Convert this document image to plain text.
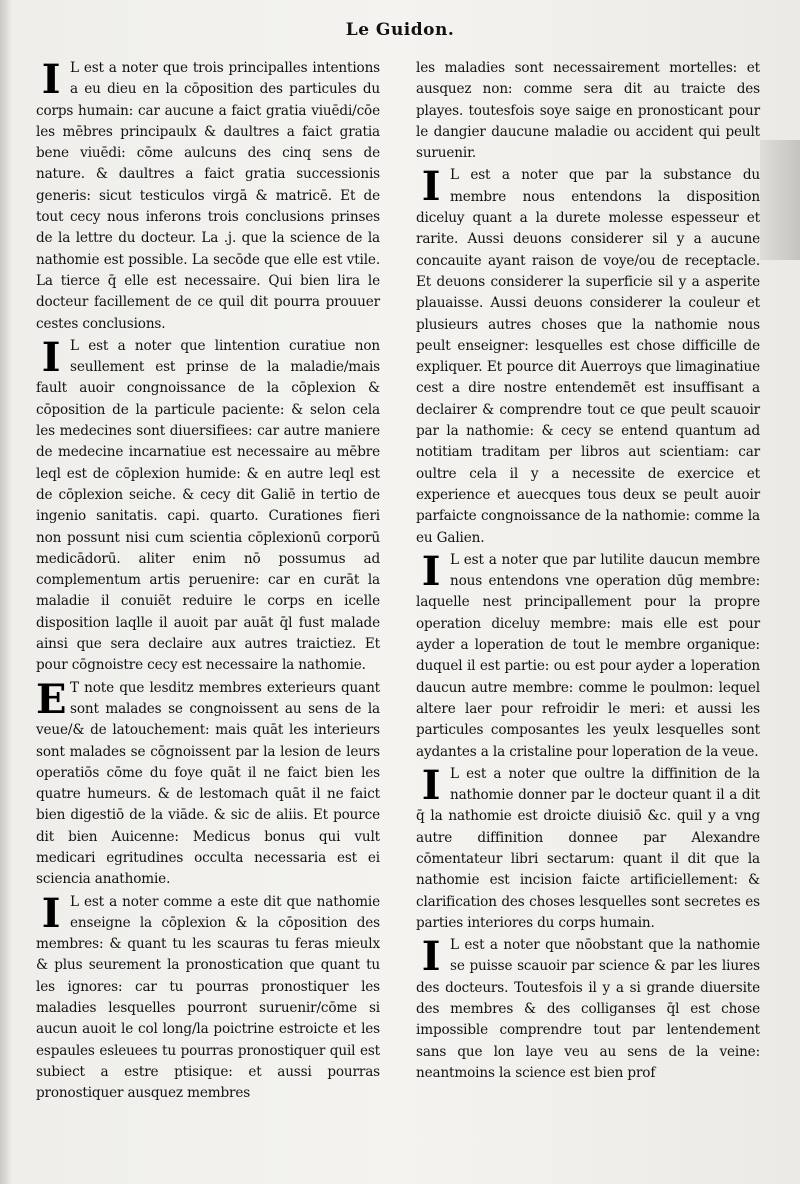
Le Guidon.

I L est a noter que trois principalles intentions a eu dieu en la cōposition des particules du corps humain: car aucune a faict gratia viuēdi/cōe les mēbres principaulx & daultres a faict gratia bene viuēdi: cōme aulcuns des cinq sens de nature. & daultres a faict gratia successionis generis: sicut testiculos virgā & matricē. Et de tout cecy nous inferons trois conclusions prinses de la lettre du docteur. La .j. que la science de la nathomie est possible. La secōde que elle est vtile. La tierce q̄ elle est necessaire. Qui bien lira le docteur facillement de ce quil dit pourra prouuer cestes conclusions.

I L est a noter que lintention curatiue non seullement est prinse de la maladie/mais fault auoir congnoissance de la cōplexion & cōposition de la particule paciente: & selon cela les medecines sont diuersifiees: car autre maniere de medecine incarnatiue est necessaire au mēbre leql est de cōplexion humide: & en autre leql est de cōplexion seiche. & cecy dit Galiē in tertio de ingenio sanitatis. capi. quarto. Curationes fieri non possunt nisi cum scientia cōplexionū corporū medicādorū. aliter enim nō possumus ad complementum artis peruenire: car en curāt la maladie il conuiēt reduire le corps en icelle disposition laqlle il auoit par auāt q̄l fust malade ainsi que sera declaire aux autres traictiez. Et pour cōgnoistre cecy est necessaire la nathomie.

E T note que lesditz membres exterieurs quant sont malades se congnoissent au sens de la veue/& de latouchement: mais quāt les interieurs sont malades se cōgnoissent par la lesion de leurs operatiōs cōme du foye quāt il ne faict bien les quatre humeurs. & de lestomach quāt il ne faict bien digestiō de la viāde. & sic de aliis. Et pource dit bien Auicenne: Medicus bonus qui vult medicari egritudines occulta necessaria est ei sciencia anathomie.

I L est a noter comme a este dit que nathomie enseigne la cōplexion & la cōposition des membres: & quant tu les scauras tu feras mieulx & plus seurement la pronostication que quant tu les ignores: car tu pourras pronostiquer les maladies lesquelles pourront suruenir/cōme si aucun auoit le col long/la poictrine estroicte et les espaules esleuees tu pourras pronostiquer quil est subiect a estre ptisique: et aussi pourras pronostiquer ausquez membres

les maladies sont necessairement mortelles: et ausquez non: comme sera dit au traicte des playes. toutesfois soye saige en pronosticant pour le dangier daucune maladie ou accident qui peult suruenir.

I L est a noter que par la substance du membre nous entendons la disposition diceluy quant a la durete molesse espesseur et rarite. Aussi deuons considerer sil y a aucune concauite ayant raison de voye/ou de receptacle. Et deuons considerer la superficie sil y a asperite plauaisse. Aussi deuons considerer la couleur et plusieurs autres choses que la nathomie nous peult enseigner: lesquelles est chose difficille de expliquer. Et pource dit Auerroys que limaginatiue cest a dire nostre entendemēt est insuffisant a declairer & comprendre tout ce que peult scauoir par la nathomie: & cecy se entend quantum ad notitiam traditam per libros aut scientiam: car oultre cela il y a necessite de exercice et experience et auecques tous deux se peult auoir parfaicte congnoissance de la nathomie: comme la eu Galien.

I L est a noter que par lutilite daucun membre nous entendons vne operation dūg membre: laquelle nest principallement pour la propre operation diceluy membre: mais elle est pour ayder a loperation de tout le membre organique: duquel il est partie: ou est pour ayder a loperation daucun autre membre: comme le poulmon: lequel altere laer pour refroidir le meri: et aussi les particules composantes les yeulx lesquelles sont aydantes a la cristaline pour loperation de la veue.

I L est a noter que oultre la diffinition de la nathomie donner par le docteur quant il a dit q̄ la nathomie est droicte diuisiō &c. quil y a vng autre diffinition donnee par Alexandre cōmentateur libri sectarum: quant il dit que la nathomie est incision faicte artificiellement: & clarification des choses lesquelles sont secretes es parties interiores du corps humain.

I L est a noter que nōobstant que la nathomie se puisse scauoir par science & par les liures des docteurs. Toutesfois il y a si grande diuersite des membres & des colliganses q̄l est chose impossible comprendre tout par lentendement sans que lon laye veu au sens de la veine: neantmoins la science est bien prof
